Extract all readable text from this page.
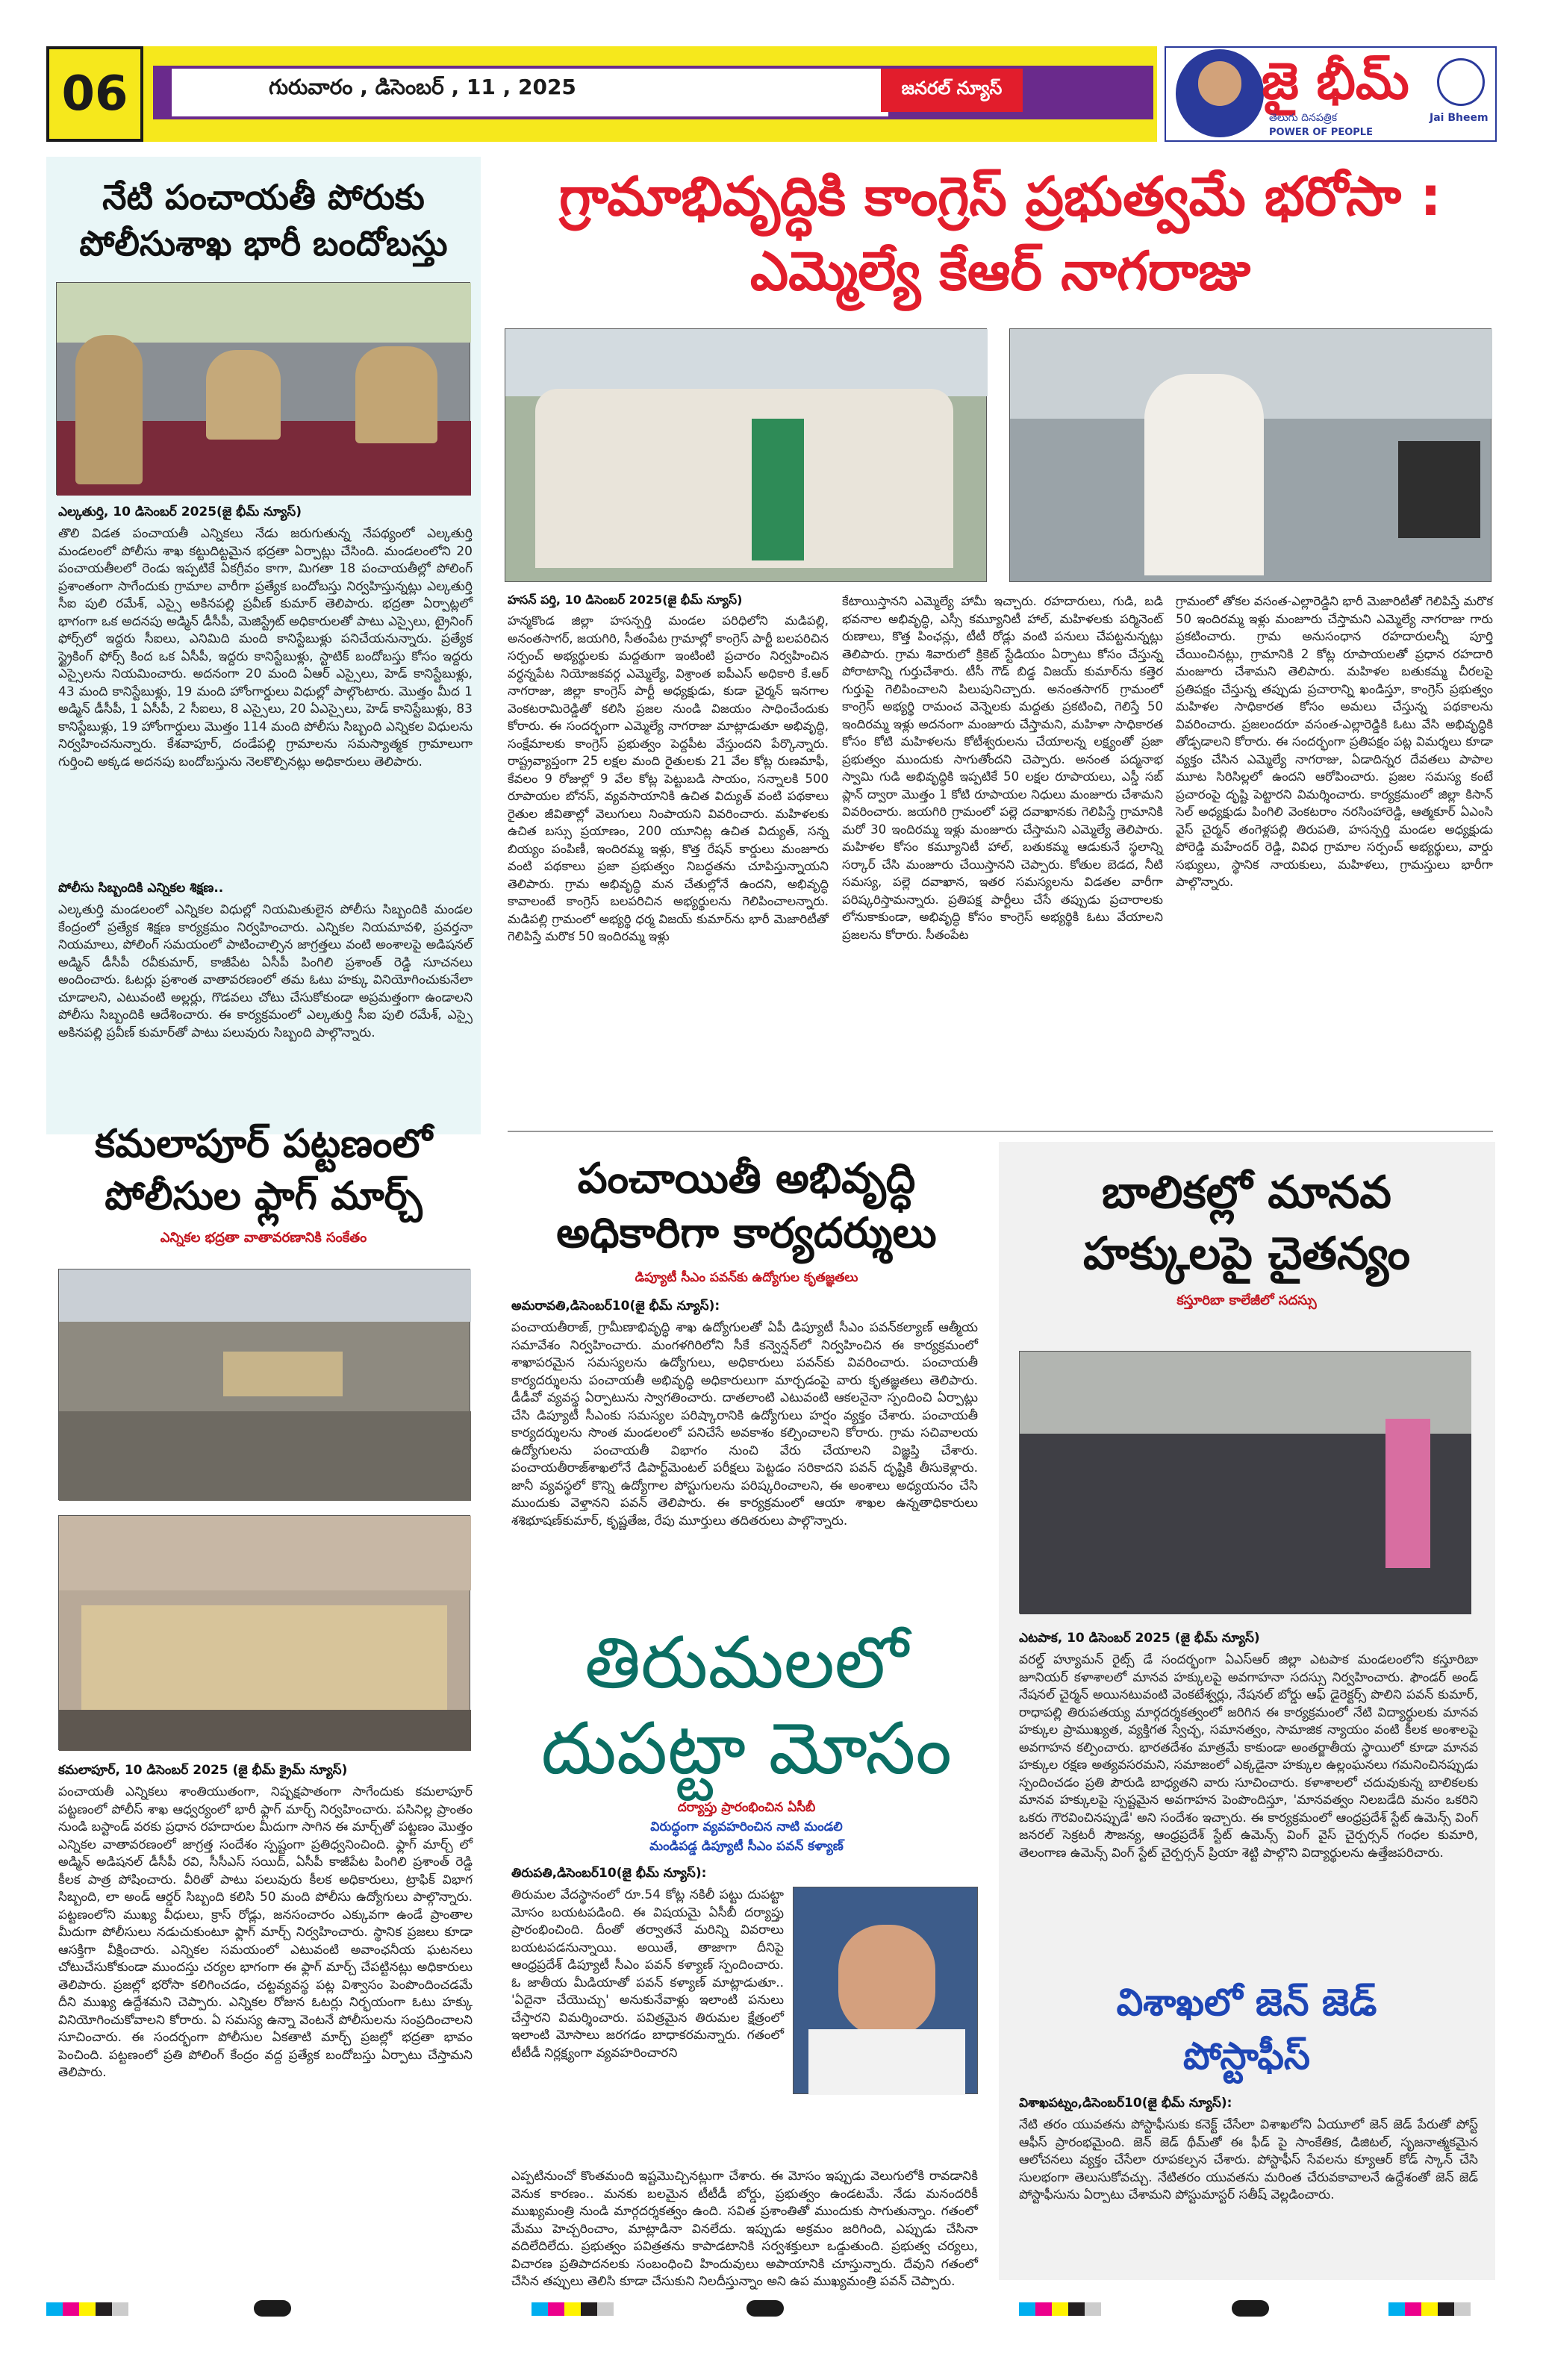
06	గురువారం , డిసెంబర్ , 11 , 2025	జనరల్ న్యూస్	జై భీమ్
తెలుగు దినపత్రిక
POWER OF PEOPLE
Jai Bheem
నేటి పంచాయతీ పోరుకు
పోలీసుశాఖ భారీ బందోబస్తు
ఎల్కతుర్తి, 10 డిసెంబర్ 2025(జై భీమ్ న్యూస్)
తొలి విడత పంచాయతీ ఎన్నికలు నేడు జరుగుతున్న నేపథ్యంలో ఎల్కతుర్తి మండలంలో పోలీసు శాఖ కట్టుదిట్టమైన భద్రతా ఏర్పాట్లు చేసింది. మండలంలోని 20 పంచాయతీలలో రెండు ఇప్పటికే ఏకగ్రీవం కాగా, మిగతా 18 పంచాయతీల్లో పోలింగ్ ప్రశాంతంగా సాగేందుకు గ్రామాల వారీగా ప్రత్యేక బందోబస్తు నిర్వహిస్తున్నట్లు ఎల్కతుర్తి సీఐ పులి రమేశ్, ఎస్సై అకినపల్లి ప్రవీణ్ కుమార్ తెలిపారు. భద్రతా ఏర్పాట్లలో భాగంగా ఒక అదనపు అడ్మిన్ డీసీపీ, మెజిస్ట్రేట్ అధికారులతో పాటు ఎస్సైలు, ట్రైనింగ్ ఫోర్స్‌లో ఇద్దరు సీఐలు, ఎనిమిది మంది కానిస్టేబుళ్లు పనిచేయనున్నారు. ప్రత్యేక స్ట్రైకింగ్ ఫోర్స్ కింద ఒక ఏసీపీ, ఇద్దరు కానిస్టేబుళ్లు, స్టాటిక్ బందోబస్తు కోసం ఇద్దరు ఎస్సైలను నియమించారు. అదనంగా 20 మంది ఏఆర్ ఎస్సైలు, హెడ్ కానిస్టేబుళ్లు, 43 మంది కానిస్టేబుళ్లు, 19 మంది హోంగార్డులు విధుల్లో పాల్గొంటారు. మొత్తం మీద 1 అడ్మిన్ డీసీపీ, 1 ఏసీపీ, 2 సీఐలు, 8 ఎస్సైలు, 20 ఏఎస్సైలు, హెడ్ కానిస్టేబుళ్లు, 83 కానిస్టేబుళ్లు, 19 హోంగార్డులు మొత్తం 114 మంది పోలీసు సిబ్బంది ఎన్నికల విధులను నిర్వహించనున్నారు. కేశవాపూర్, దండేపల్లి గ్రామాలను సమస్యాత్మక గ్రామాలుగా గుర్తించి అక్కడ అదనపు బందోబస్తును నెలకొల్పినట్లు అధికారులు తెలిపారు.
పోలీసు సిబ్బందికి ఎన్నికల శిక్షణ..
ఎల్కతుర్తి మండలంలో ఎన్నికల విధుల్లో నియమితులైన పోలీసు సిబ్బందికి మండల కేంద్రంలో ప్రత్యేక శిక్షణ కార్యక్రమం నిర్వహించారు. ఎన్నికల నియమావళి, ప్రవర్తనా నియమాలు, పోలింగ్ సమయంలో పాటించాల్సిన జాగ్రత్తలు వంటి అంశాలపై అడిషనల్ అడ్మిన్ డీసీపీ రవీకుమార్, కాజీపేట ఏసీపీ పింగిలి ప్రశాంత్ రెడ్డి సూచనలు అందించారు. ఓటర్లు ప్రశాంత వాతావరణంలో తమ ఓటు హక్కు వినియోగించుకునేలా చూడాలని, ఎటువంటి అల్లర్లు, గొడవలు చోటు చేసుకోకుండా అప్రమత్తంగా ఉండాలని పోలీసు సిబ్బందికి ఆదేశించారు. ఈ కార్యక్రమంలో ఎల్కతుర్తి సీఐ పులి రమేశ్, ఎస్సై అకినపల్లి ప్రవీణ్ కుమార్‌తో పాటు పలువురు సిబ్బంది పాల్గొన్నారు.
కమలాపూర్ పట్టణంలో
పోలీసుల ఫ్లాగ్ మార్చ్
ఎన్నికల భద్రతా వాతావరణానికి సంకేతం
కమలాపూర్, 10 డిసెంబర్ 2025 (జై భీమ్ క్రైమ్ న్యూస్)
పంచాయతీ ఎన్నికలు శాంతియుతంగా, నిష్పక్షపాతంగా సాగేందుకు కమలాపూర్ పట్టణంలో పోలీస్ శాఖ ఆధ్వర్యంలో భారీ ఫ్లాగ్ మార్చ్ నిర్వహించారు. పసినిల్ల ప్రాంతం నుండి బస్టాండ్ వరకు ప్రధాన రహదారుల మీదుగా సాగిన ఈ మార్చ్‌తో పట్టణం మొత్తం ఎన్నికల వాతావరణంలో జాగ్రత్త సందేశం స్పష్టంగా ప్రతిధ్వనించింది. ఫ్లాగ్ మార్చ్ లో అడ్మిన్ అడిషనల్ డీసీపీ రవి, సీసీఎస్ సయిద్, ఏసీపీ కాజీపేట పింగిలి ప్రశాంత్ రెడ్డి కీలక పాత్ర పోషించారు. వీరితో పాటు పలువురు కీలక అధికారులు, ట్రాఫిక్ విభాగ సిబ్బంది, లా అండ్ ఆర్డర్ సిబ్బంది కలిసి 50 మంది పోలీసు ఉద్యోగులు పాల్గొన్నారు. పట్టణంలోని ముఖ్య వీధులు, క్రాస్ రోడ్లు, జనసంచారం ఎక్కువగా ఉండే ప్రాంతాల మీదుగా పోలీసులు నడుచుకుంటూ ఫ్లాగ్ మార్చ్ నిర్వహించారు. స్థానిక ప్రజలు కూడా ఆసక్తిగా వీక్షించారు. ఎన్నికల సమయంలో ఎటువంటి అవాంఛనీయ ఘటనలు చోటుచేసుకోకుండా ముందస్తు చర్యల భాగంగా ఈ ఫ్లాగ్ మార్చ్ చేపట్టినట్లు అధికారులు తెలిపారు. ప్రజల్లో భరోసా కలిగించడం, చట్టవ్యవస్థ పట్ల విశ్వాసం పెంపొందించడమే దీని ముఖ్య ఉద్దేశమని చెప్పారు. ఎన్నికల రోజున ఓటర్లు నిర్భయంగా ఓటు హక్కు వినియోగించుకోవాలని కోరారు. ఏ సమస్య ఉన్నా వెంటనే పోలీసులను సంప్రదించాలని సూచించారు. ఈ సందర్భంగా పోలీసుల ఏకతాటి మార్చ్ ప్రజల్లో భద్రతా భావం పెంచింది. పట్టణంలో ప్రతి పోలింగ్ కేంద్రం వద్ద ప్రత్యేక బందోబస్తు ఏర్పాటు చేస్తామని తెలిపారు.
గ్రామాభివృద్ధికి కాంగ్రెస్ ప్రభుత్వమే భరోసా :
ఎమ్మెల్యే కేఆర్ నాగరాజు
హసన్ పర్తి, 10 డిసెంబర్ 2025(జై భీమ్ న్యూస్)
హన్మకొండ జిల్లా హసన్పర్తి మండల పరిధిలోని మడిపల్లి, అనంతసాగర్, జయగిరి, సీతంపేట గ్రామాల్లో కాంగ్రెస్ పార్టీ బలపరిచిన సర్పంచ్ అభ్యర్థులకు మద్దతుగా ఇంటింటి ప్రచారం నిర్వహించిన వర్ధన్నపేట నియోజకవర్గ ఎమ్మెల్యే, విశ్రాంత ఐపీఎస్ అధికారి కే.ఆర్ నాగరాజు, జిల్లా కాంగ్రెస్ పార్టీ అధ్యక్షుడు, కుడా ఛైర్మన్ ఇనగాల వెంకటరామిరెడ్డితో కలిసి ప్రజల నుండి విజయం సాధించేందుకు కోరారు. ఈ సందర్భంగా ఎమ్మెల్యే నాగరాజు మాట్లాడుతూ అభివృద్ధి, సంక్షేమాలకు కాంగ్రెస్ ప్రభుత్వం పెద్దపీట వేస్తుందని పేర్కొన్నారు. రాష్ట్రవ్యాప్తంగా 25 లక్షల మంది రైతులకు 21 వేల కోట్ల రుణమాఫీ, కేవలం 9 రోజుల్లో 9 వేల కోట్ల పెట్టుబడి సాయం, సన్నాలకి 500 రూపాయల బోనస్, వ్యవసాయానికి ఉచిత విద్యుత్ వంటి పథకాలు రైతుల జీవితాల్లో వెలుగులు నింపాయని వివరించారు. మహిళలకు ఉచిత బస్సు ప్రయాణం, 200 యూనిట్ల ఉచిత విద్యుత్, సన్న బియ్యం పంపిణీ, ఇందిరమ్మ ఇళ్లు, కొత్త రేషన్ కార్డులు మంజూరు వంటి పథకాలు ప్రజా ప్రభుత్వం నిబద్ధతను చూపిస్తున్నాయని తెలిపారు. గ్రామ అభివృద్ధి మన చేతుల్లోనే ఉందని, అభివృద్ధి కావాలంటే కాంగ్రెస్ బలపరిచిన అభ్యర్థులను గెలిపించాలన్నారు. మడిపల్లి గ్రామంలో అభ్యర్థి ధర్మ విజయ్ కుమార్‌ను భారీ మెజారిటీతో గెలిపిస్తే మరొక 50 ఇందిరమ్మ ఇళ్లు
కేటాయిస్తానని ఎమ్మెల్యే హామీ ఇచ్చారు. రహదారులు, గుడి, బడి భవనాల అభివృద్ధి, ఎస్సీ కమ్యూనిటీ హాల్, మహిళలకు పర్మినెంట్ రుణాలు, కొత్త పింఛన్లు, టీటీ రోడ్లు వంటి పనులు చేపట్టనున్నట్లు తెలిపారు. గ్రామ శివారులో క్రికెట్ స్టేడియం ఏర్పాటు కోసం చేస్తున్న పోరాటాన్ని గుర్తుచేశారు. టీసీ గౌడ్ బిడ్డ విజయ్ కుమార్‌ను కత్తెర గుర్తుపై గెలిపించాలని పిలుపునిచ్చారు. అనంతసాగర్ గ్రామంలో కాంగ్రెస్ అభ్యర్థి రామంచ వెన్నెలకు మద్దతు ప్రకటించి, గెలిస్తే 50 ఇందిరమ్మ ఇళ్లు అదనంగా మంజూరు చేస్తామని, మహిళా సాధికారత కోసం కోటి మహిళలను కోటీశ్వరులను చేయాలన్న లక్ష్యంతో ప్రజా ప్రభుత్వం ముందుకు సాగుతోందని చెప్పారు. అనంత పద్మనాభ స్వామి గుడి అభివృద్ధికి ఇప్పటికే 50 లక్షల రూపాయలు, ఎస్డీ సబ్ ప్లాన్ ద్వారా మొత్తం 1 కోటి రూపాయల నిధులు మంజూరు చేశామని వివరించారు. జయగిరి గ్రామంలో పల్లె దవాఖానకు గెలిపిస్తే గ్రామానికి మరో 30 ఇందిరమ్మ ఇళ్లు మంజూరు చేస్తామని ఎమ్మెల్యే తెలిపారు. మహిళల కోసం కమ్యూనిటీ హాల్, బతుకమ్మ ఆడుకునే స్థలాన్ని సర్కార్ చేసి మంజూరు చేయిస్తానని చెప్పారు. కోతుల బెడద, నీటి సమస్య, పల్లె దవాఖాన, ఇతర సమస్యలను విడతల వారీగా పరిష్కరిస్తామన్నారు. ప్రతిపక్ష పార్టీలు చేసే తప్పుడు ప్రచారాలకు లోనుకాకుండా, అభివృద్ధి కోసం కాంగ్రెస్ అభ్యర్థికి ఓటు వేయాలని ప్రజలను కోరారు. సీతంపేట
గ్రామంలో తోకల వసంత-ఎల్లారెడ్డిని భారీ మెజారిటీతో గెలిపిస్తే మరొక 50 ఇందిరమ్మ ఇళ్లు మంజూరు చేస్తామని ఎమ్మెల్యే నాగరాజు గారు ప్రకటించారు. గ్రామ అనుసంధాన రహదారులన్నీ పూర్తి చేయించినట్లు, గ్రామానికి 2 కోట్ల రూపాయలతో ప్రధాన రహదారి మంజూరు చేశామని తెలిపారు. మహిళల బతుకమ్మ చీరలపై ప్రతిపక్షం చేస్తున్న తప్పుడు ప్రచారాన్ని ఖండిస్తూ, కాంగ్రెస్ ప్రభుత్వం మహిళల సాధికారత కోసం అమలు చేస్తున్న పథకాలను వివరించారు. ప్రజలందరూ వసంత-ఎల్లారెడ్డికి ఓటు వేసి అభివృద్ధికి తోడ్పడాలని కోరారు. ఈ సందర్భంగా ప్రతిపక్షం పట్ల విమర్శలు కూడా వ్యక్తం చేసిన ఎమ్మెల్యే నాగరాజు, ఏడాదిన్నర దేవతలు పాపాల మూట సిరిసిల్లలో ఉందని ఆరోపించారు. ప్రజల సమస్య కంటే ప్రచారంపై దృష్టి పెట్టారని విమర్శించారు. కార్యక్రమంలో జిల్లా కిసాన్ సెల్ అధ్యక్షుడు పింగిలి వెంకటరాం నరసింహారెడ్డి, ఆత్మకూర్ ఏఎంసి వైస్ చైర్మన్ తంగెళ్లపల్లి తిరుపతి, హసన్పర్తి మండల అధ్యక్షుడు పోరెడ్డి మహేందర్ రెడ్డి, వివిధ గ్రామాల సర్పంచ్ అభ్యర్థులు, వార్డు సభ్యులు, స్థానిక నాయకులు, మహిళలు, గ్రామస్తులు భారీగా పాల్గొన్నారు.
పంచాయితీ అభివృద్ధి
అధికారిగా కార్యదర్శులు
డిప్యూటీ సీఎం పవన్‌కు ఉద్యోగుల కృతజ్ఞతలు
అమరావతి,డిసెంబర్10(జై భీమ్ న్యూస్):
పంచాయతీరాజ్, గ్రామీణాభివృద్ధి శాఖ ఉద్యోగులతో ఏపీ డిప్యూటీ సీఎం పవన్‌కల్యాణ్ ఆత్మీయ సమావేశం నిర్వహించారు. మంగళగిరిలోని సీకే కన్వెన్షన్‌లో నిర్వహించిన ఈ కార్యక్రమంలో శాఖాపరమైన సమస్యలను ఉద్యోగులు, అధికారులు పవన్‌కు వివరించారు. పంచాయతీ కార్యదర్శులను పంచాయతీ అభివృద్ధి అధికారులుగా మార్చడంపై వారు కృతజ్ఞతలు తెలిపారు. డీడీవో వ్యవస్థ ఏర్పాటును స్వాగతించారు. దాతలాంటి ఎటువంటి ఆకలనైనా స్పందించి ఏర్పాట్లు చేసి డిప్యూటీ సీఎంకు సమస్యల పరిష్కారానికి ఉద్యోగులు హర్షం వ్యక్తం చేశారు. పంచాయతీ కార్యదర్శులను సొంత మండలంలో పనిచేసే అవకాశం కల్పించాలని కోరారు. గ్రామ సచివాలయ ఉద్యోగులను పంచాయతీ విభాగం నుంచి వేరు చేయాలని విజ్ఞప్తి చేశారు. పంచాయతీరాజ్‌శాఖలోనే డిపార్ట్‌మెంటల్ పరీక్షలు పెట్టడం సరికాదని పవన్ దృష్టికి తీసుకెళ్లారు. జానీ వ్యవస్థలో కొన్ని ఉద్యోగాల పోస్టుగులను పరిష్కరించాలని, ఈ అంశాలు అధ్యయనం చేసి ముందుకు వెళ్తానని పవన్ తెలిపారు. ఈ కార్యక్రమంలో ఆయా శాఖల ఉన్నతాధికారులు శశిభూషణ్‌కుమార్, కృష్ణతేజ, రేపు మూర్తులు తదితరులు పాల్గొన్నారు.
తిరుమలలో
దుపట్టా మోసం
దర్యాప్తు ప్రారంభించిన ఏసీబీ
విరుద్ధంగా వ్యవహరించిన నాటి మండలి
మండిపడ్డ డిప్యూటీ సీఎం పవన్ కళ్యాణ్
తిరుపతి,డిసెంబర్10(జై భీమ్ న్యూస్):
తిరుమల వేదస్థానంలో రూ.54 కోట్ల నకిలీ పట్టు దుపట్టా మోసం బయటపడింది. ఈ విషయమై ఏసీబీ దర్యాప్తు ప్రారంభించింది. దీంతో తర్వాతనే మరిన్ని వివరాలు బయటపడనున్నాయి. అయితే, తాజాగా దీనిపై ఆంధ్రప్రదేశ్ డిప్యూటీ సీఎం పవన్ కళ్యాణ్ స్పందించారు. ఓ జాతీయ మీడియాతో పవన్ కళ్యాణ్ మాట్లాడుతూ.. 'ఏదైనా చేయొచ్చు' అనుకునేవాళ్లు ఇలాంటి పనులు చేస్తారని విమర్శించారు. పవిత్రమైన తిరుమల క్షేత్రంలో ఇలాంటి మోసాలు జరగడం బాధాకరమన్నారు. గతంలో టీటీడీ నిర్లక్ష్యంగా వ్యవహరించారని
ఎప్పటినుంచో కొంతమంది ఇష్టమొచ్చినట్లుగా చేశారు. ఈ మోసం ఇప్పుడు వెలుగులోకి రావడానికి వెనుక కారణం.. మనకు బలమైన టీటీడీ బోర్డు, ప్రభుత్వం ఉండటమే. నేడు మనందరికీ ముఖ్యమంత్రి నుండి మార్గదర్శకత్వం ఉంది. సవిత ప్రశాంతితో ముందుకు సాగుతున్నాం. గతంలో మేము హెచ్చరించాం, మాట్లాడినా వినలేదు. ఇప్పుడు అక్రమం జరిగింది, ఎప్పుడు చేసినా వదిలేదిలేదు. ప్రభుత్వం పవిత్రతను కాపాడటానికి సర్వశక్తులూ ఒడ్డుతుంది. ప్రభుత్వ చర్యలు, విచారణ ప్రతిపాదనలకు సంబంధించి హిందువులు అపాయానికి చూస్తున్నారు. దేవుని గతంలో చేసిన తప్పులు తెలిసి కూడా చేసుకుని నిలదీస్తున్నాం అని ఉప ముఖ్యమంత్రి పవన్ చెప్పారు.
బాలికల్లో మానవ
హక్కులపై చైతన్యం
కస్తూరిబా కాలేజీలో సదస్సు
ఎటపాక, 10 డిసెంబర్ 2025 (జై భీమ్ న్యూస్)
వరల్డ్ హ్యూమన్ రైట్స్ డే సందర్భంగా ఏఎస్ఆర్ జిల్లా ఎటపాక మండలంలోని కస్తూరిబా జూనియర్ కళాశాలలో మానవ హక్కులపై అవగాహనా సదస్సు నిర్వహించారు. ఫౌండర్ అండ్ నేషనల్ చైర్మన్ అయినటువంటి వెంకటేశ్వర్లు, నేషనల్ బోర్డు ఆఫ్ డైరెక్టర్స్ పొలిని పవన్ కుమార్, రాధాపల్లి తిరుపతయ్య మార్గదర్శకత్వంలో జరిగిన ఈ కార్యక్రమంలో నేటి విద్యార్థులకు మానవ హక్కుల ప్రాముఖ్యత, వ్యక్తిగత స్వేచ్ఛ, సమానత్వం, సామాజిక న్యాయం వంటి కీలక అంశాలపై అవగాహన కల్పించారు. భారతదేశం మాత్రమే కాకుండా అంతర్జాతీయ స్థాయిలో కూడా మానవ హక్కుల రక్షణ అత్యవసరమని, సమాజంలో ఎక్కడైనా హక్కుల ఉల్లంఘనలు గమనించినప్పుడు స్పందించడం ప్రతి పౌరుడి బాధ్యతని వారు సూచించారు. కళాశాలలో చదువుకున్న బాలికలకు మానవ హక్కులపై స్పష్టమైన అవగాహన పెంపొందిస్తూ, 'మానవత్వం నిలబడేది మనం ఒకరిని ఒకరు గౌరవించినప్పుడే' అని సందేశం ఇచ్చారు. ఈ కార్యక్రమంలో ఆంధ్రప్రదేశ్ స్టేట్ ఉమెన్స్ వింగ్ జనరల్ సెక్రటరీ సౌజన్య, ఆంధ్రప్రదేశ్ స్టేట్ ఉమెన్స్ వింగ్ వైస్ చైర్పర్సన్ గంధల కుమారి, తెలంగాణ ఉమెన్స్ వింగ్ స్టేట్ చైర్పర్సన్ ప్రియా శెట్టి పాల్గొని విద్యార్థులను ఉత్తేజపరిచారు.
విశాఖలో జెన్ జెడ్
పోస్టాఫీస్
విశాఖపట్నం,డిసెంబర్10(జై భీమ్ న్యూస్):
నేటి తరం యువతను పోస్టాఫీసుకు కనెక్ట్ చేసేలా విశాఖలోని ఏయూలో జెన్ జెడ్ పేరుతో పోస్ట్ ఆఫీస్ ప్రారంభమైంది. జెన్ జెడ్ థీమ్‌తో ఈ ఫీడ్ పై సాంకేతిక, డిజిటల్, సృజనాత్మకమైన ఆలోచనలు వ్యక్తం చేసేలా రూపకల్పన చేశారు. పోస్టాఫీస్ సేవలను క్యూఆర్ కోడ్ స్కాన్ చేసి సులభంగా తెలుసుకోవచ్చు. నేటితరం యువతను మరింత చేరువకావాలనే ఉద్దేశంతో జెన్ జెడ్ పోస్టాఫీసును ఏర్పాటు చేశామని పోస్టుమాస్టర్ సతీష్ వెల్లడించారు.
